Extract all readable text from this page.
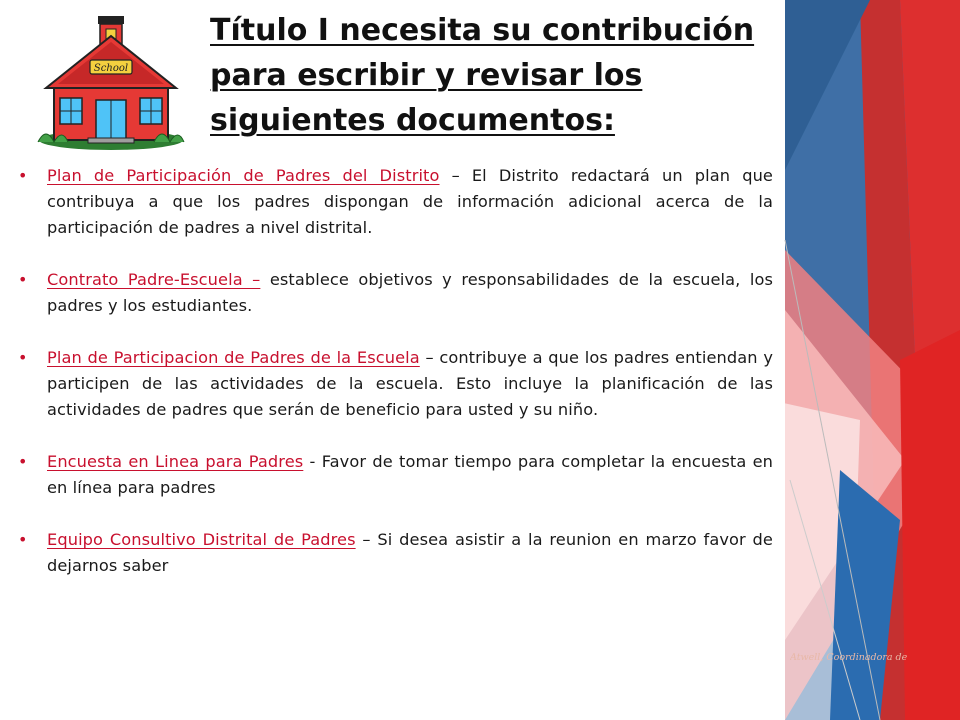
School
Título I necesita su contribución
para escribir y revisar los
siguientes documentos:
• Plan de Participación de Padres del Distrito – El Distrito redactará un plan que contribuya a que los padres dispongan de información adicional acerca de la participación de padres a nivel distrital.
• Contrato Padre-Escuela – establece objetivos y responsabilidades de la escuela, los padres y los estudiantes.
• Plan de Participacion de Padres de la Escuela – contribuye a que los padres entiendan y participen de las actividades de la escuela. Esto incluye la planificación de las actividades de padres que serán de beneficio para usted y su niño.
• Encuesta en Linea para Padres - Favor de tomar tiempo para completar la encuesta en en línea para padres
• Equipo Consultivo Distrital de Padres – Si desea asistir a la reunion en marzo favor de dejarnos saber
Atwell, Coordinadora de
